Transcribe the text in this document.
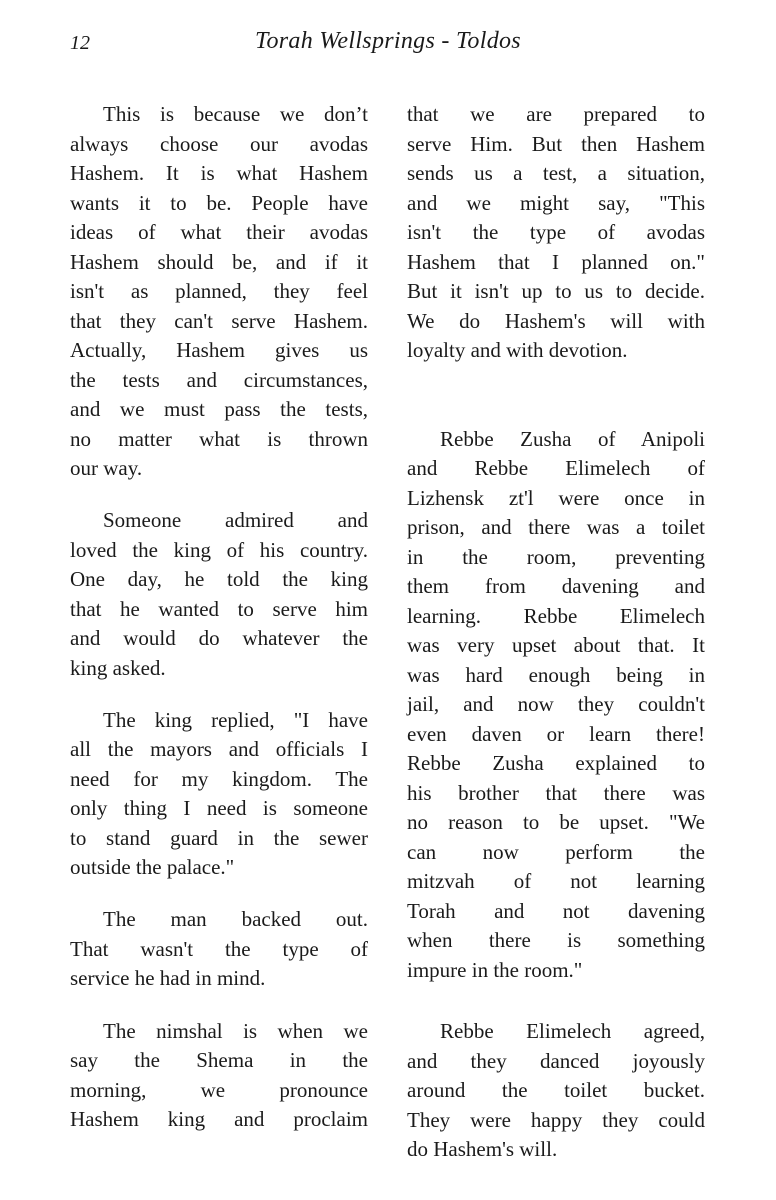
12	Torah Wellsprings - Toldos
This is because we don’t
always choose our avodas
Hashem. It is what Hashem
wants it to be. People have
ideas of what their avodas
Hashem should be, and if it
isn't as planned, they feel
that they can't serve Hashem.
Actually, Hashem gives us
the tests and circumstances,
and we must pass the tests,
no matter what is thrown
our way.
Someone admired and
loved the king of his country.
One day, he told the king
that he wanted to serve him
and would do whatever the
king asked.
The king replied, "I have
all the mayors and officials I
need for my kingdom. The
only thing I need is someone
to stand guard in the sewer
outside the palace."
The man backed out.
That wasn't the type of
service he had in mind.
The nimshal is when we
say the Shema in the
morning, we pronounce
Hashem king and proclaim
that we are prepared to
serve Him. But then Hashem
sends us a test, a situation,
and we might say, "This
isn't the type of avodas
Hashem that I planned on."
But it isn't up to us to decide.
We do Hashem's will with
loyalty and with devotion.
Rebbe Zusha of Anipoli
and Rebbe Elimelech of
Lizhensk zt'l were once in
prison, and there was a toilet
in the room, preventing
them from davening and
learning. Rebbe Elimelech
was very upset about that. It
was hard enough being in
jail, and now they couldn't
even daven or learn there!
Rebbe Zusha explained to
his brother that there was
no reason to be upset. "We
can now perform the
mitzvah of not learning
Torah and not davening
when there is something
impure in the room."
Rebbe Elimelech agreed,
and they danced joyously
around the toilet bucket.
They were happy they could
do Hashem's will.
